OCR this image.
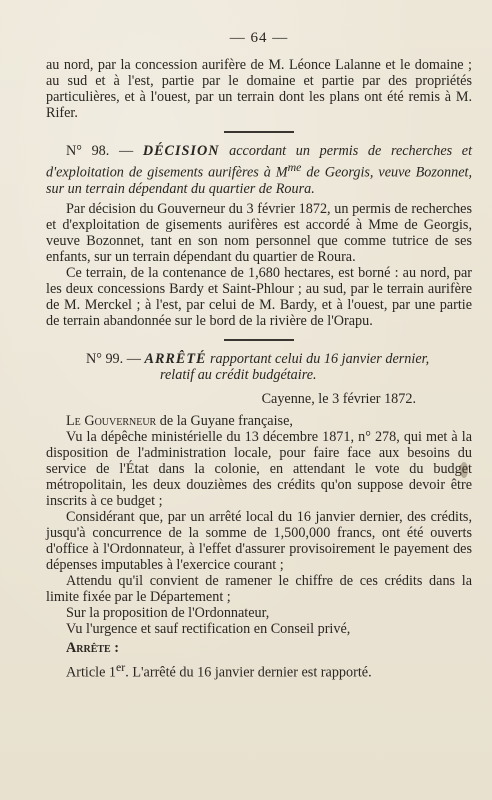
— 64 —

au nord, par la concession aurifère de M. Léonce Lalanne et le domaine ; au sud et à l'est, partie par le domaine et partie par des propriétés particulières, et à l'ouest, par un terrain dont les plans ont été remis à M. Rifer.

N° 98. — DÉCISION accordant un permis de recherches et d'exploitation de gisements aurifères à $M^{me}$ de Georgis, veuve Bozonnet, sur un terrain dépendant du quartier de Roura.

Par décision du Gouverneur du 3 février 1872, un permis de recherches et d'exploitation de gisements aurifères est accordé à Mme de Georgis, veuve Bozonnet, tant en son nom personnel que comme tutrice de ses enfants, sur un terrain dépendant du quartier de Roura.

Ce terrain, de la contenance de 1,680 hectares, est borné : au nord, par les deux concessions Bardy et Saint-Phlour ; au sud, par le terrain aurifère de M. Merckel ; à l'est, par celui de M. Bardy, et à l'ouest, par une partie de terrain abandonnée sur le bord de la rivière de l'Orapu.

N° 99. — ARRÊTÉ rapportant celui du 16 janvier dernier,
relatif au crédit budgétaire.
Cayenne, le 3 février 1872.

Le Gouverneur de la Guyane française,

Vu la dépêche ministérielle du 13 décembre 1871, n° 278, qui met à la disposition de l'administration locale, pour faire face aux besoins du service de l'État dans la colonie, en attendant le vote du budget métropolitain, les deux douzièmes des crédits qu'on suppose devoir être inscrits à ce budget ;

Considérant que, par un arrêté local du 16 janvier dernier, des crédits, jusqu'à concurrence de la somme de 1,500,000 francs, ont été ouverts d'office à l'Ordonnateur, à l'effet d'assurer provisoirement le payement des dépenses imputables à l'exercice courant ;

Attendu qu'il convient de ramener le chiffre de ces crédits dans la limite fixée par le Département ;

Sur la proposition de l'Ordonnateur,

Vu l'urgence et sauf rectification en Conseil privé,

Arrête :

Article 1er. L'arrêté du 16 janvier dernier est rapporté.
